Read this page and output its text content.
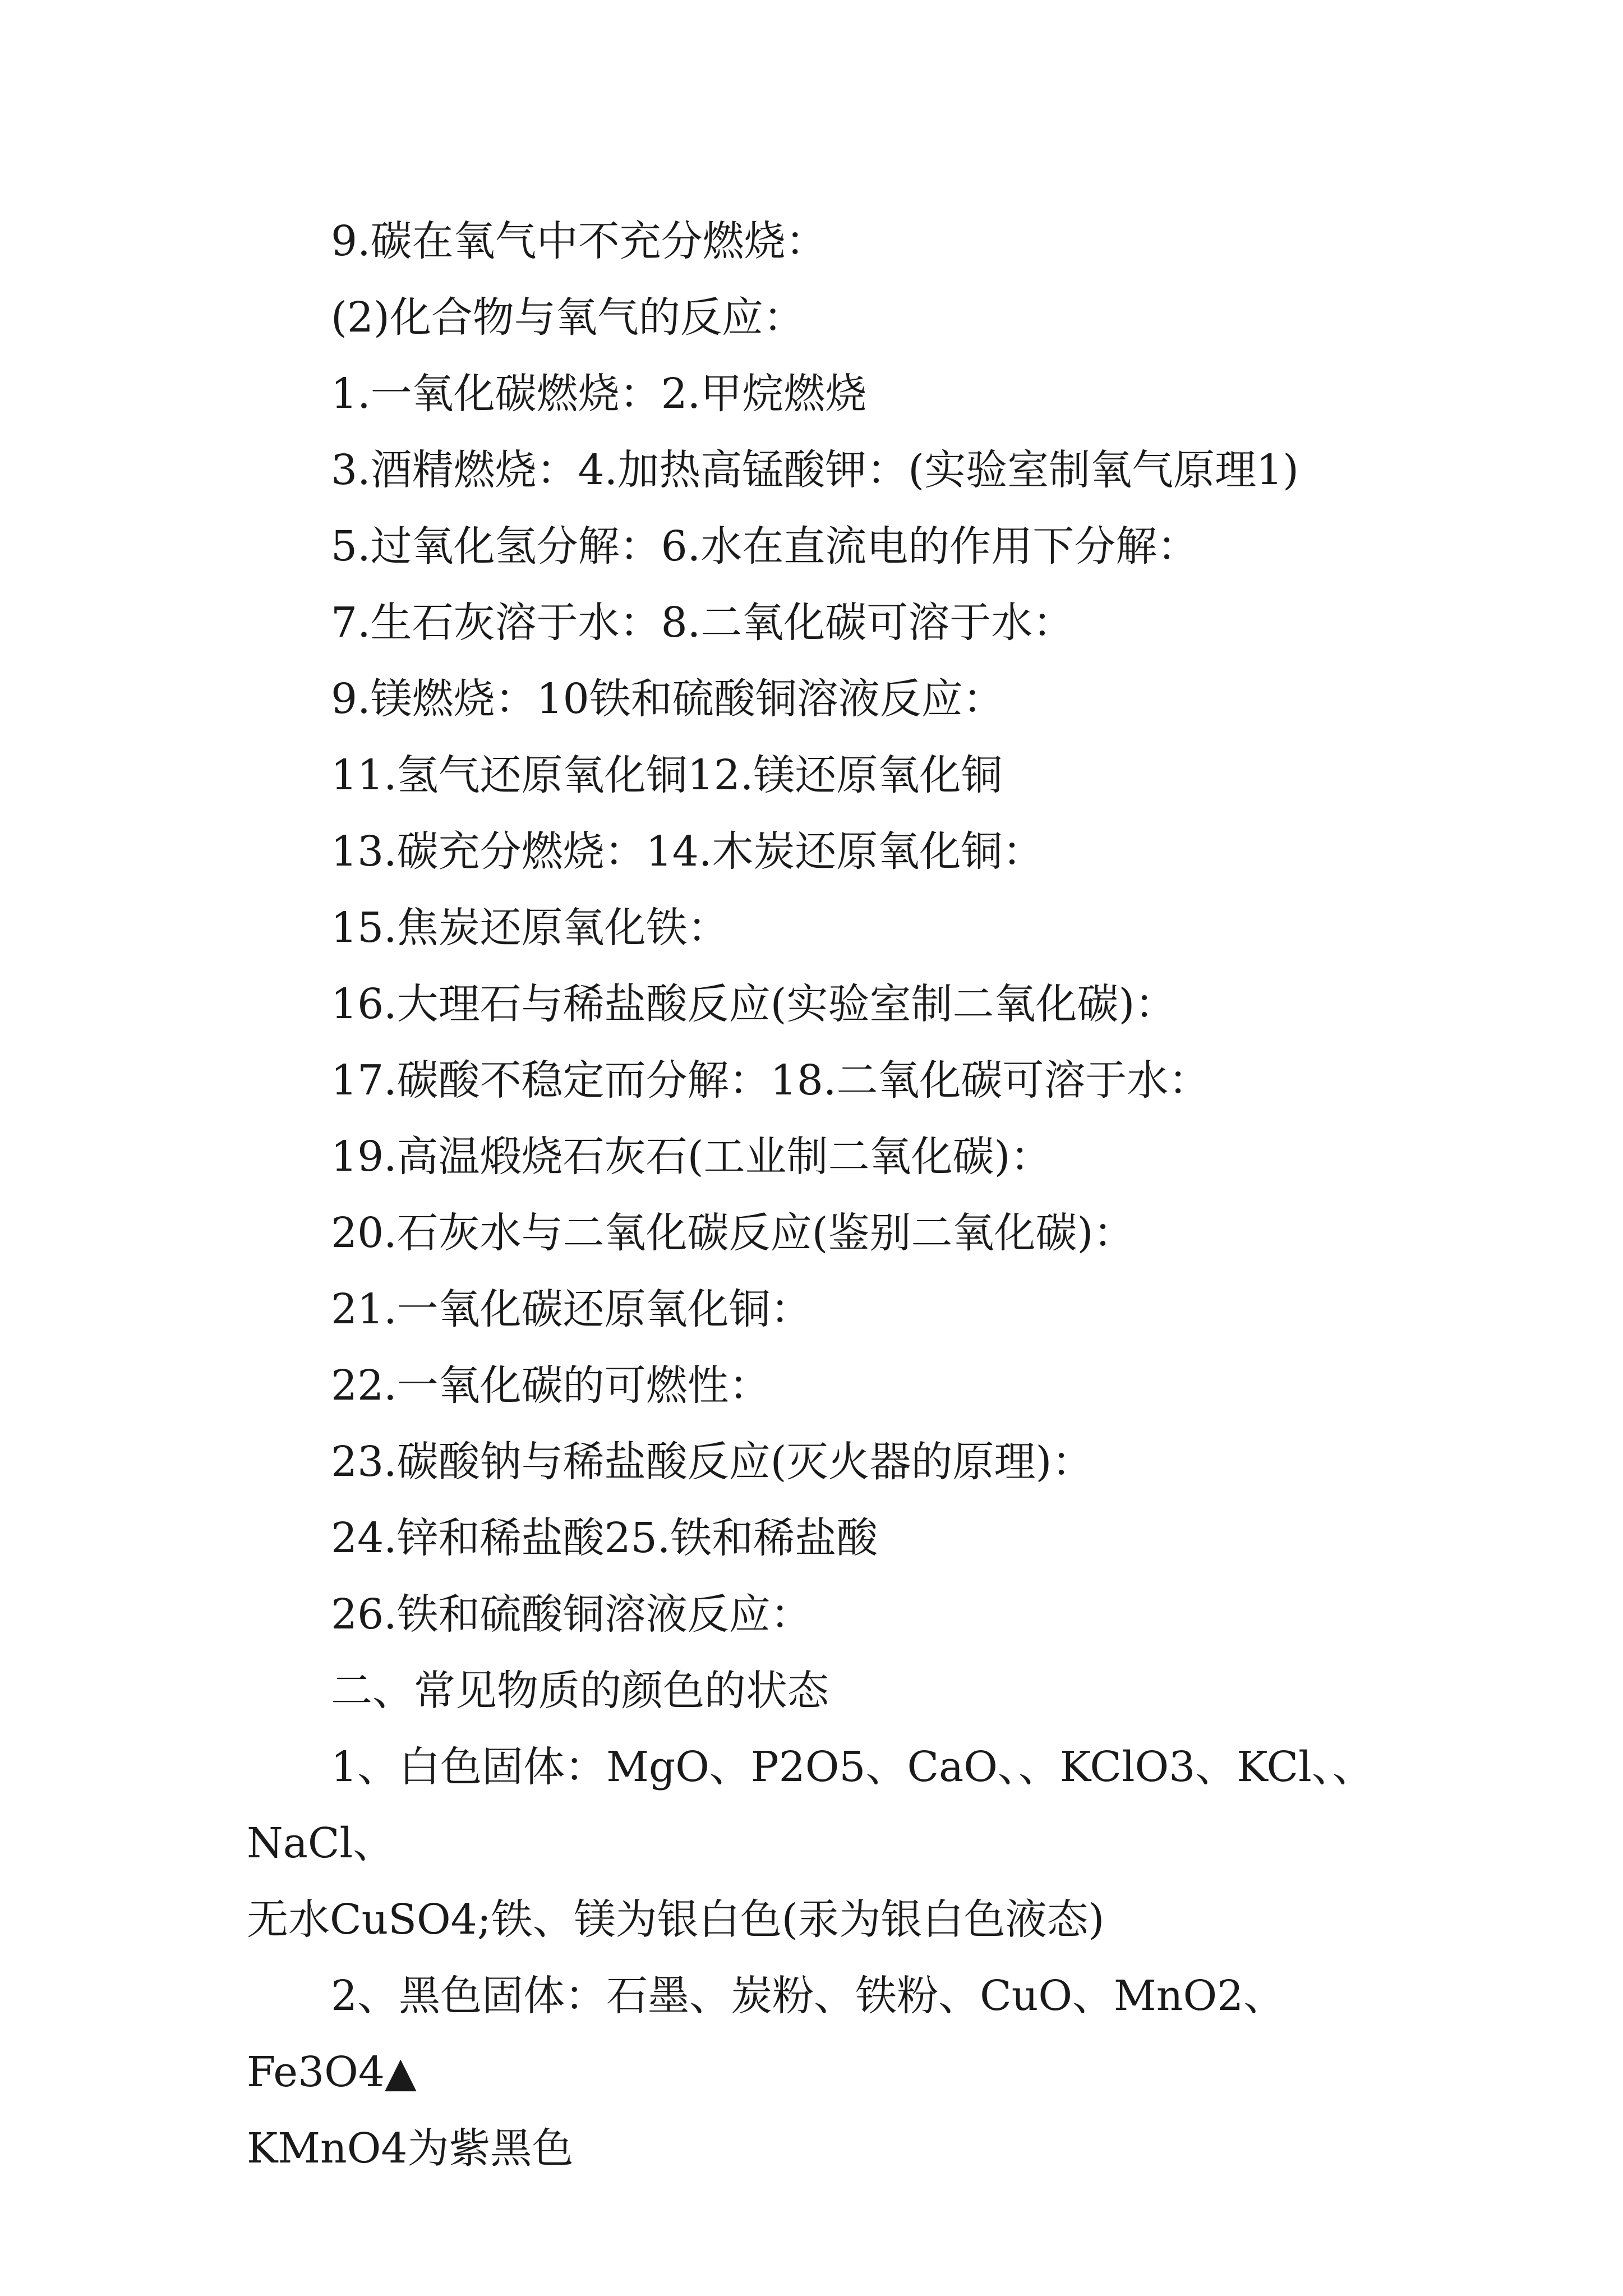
9.碳在氧气中不充分燃烧：
(2)化合物与氧气的反应：
1.一氧化碳燃烧：2.甲烷燃烧
3.酒精燃烧：4.加热高锰酸钾：(实验室制氧气原理1)
5.过氧化氢分解：6.水在直流电的作用下分解：
7.生石灰溶于水：8.二氧化碳可溶于水：
9.镁燃烧：10铁和硫酸铜溶液反应：
11.氢气还原氧化铜12.镁还原氧化铜
13.碳充分燃烧：14.木炭还原氧化铜：
15.焦炭还原氧化铁：
16.大理石与稀盐酸反应(实验室制二氧化碳)：
17.碳酸不稳定而分解：18.二氧化碳可溶于水：
19.高温煅烧石灰石(工业制二氧化碳)：
20.石灰水与二氧化碳反应(鉴别二氧化碳)：
21.一氧化碳还原氧化铜：
22.一氧化碳的可燃性：
23.碳酸钠与稀盐酸反应(灭火器的原理)：
24.锌和稀盐酸25.铁和稀盐酸
26.铁和硫酸铜溶液反应：
二、常见物质的颜色的状态
1、白色固体：MgO、P2O5、CaO、、KClO3、KCl、、NaCl、
无水CuSO4;铁、镁为银白色(汞为银白色液态)
2、黑色固体：石墨、炭粉、铁粉、CuO、MnO2、Fe3O4▲
KMnO4为紫黑色
